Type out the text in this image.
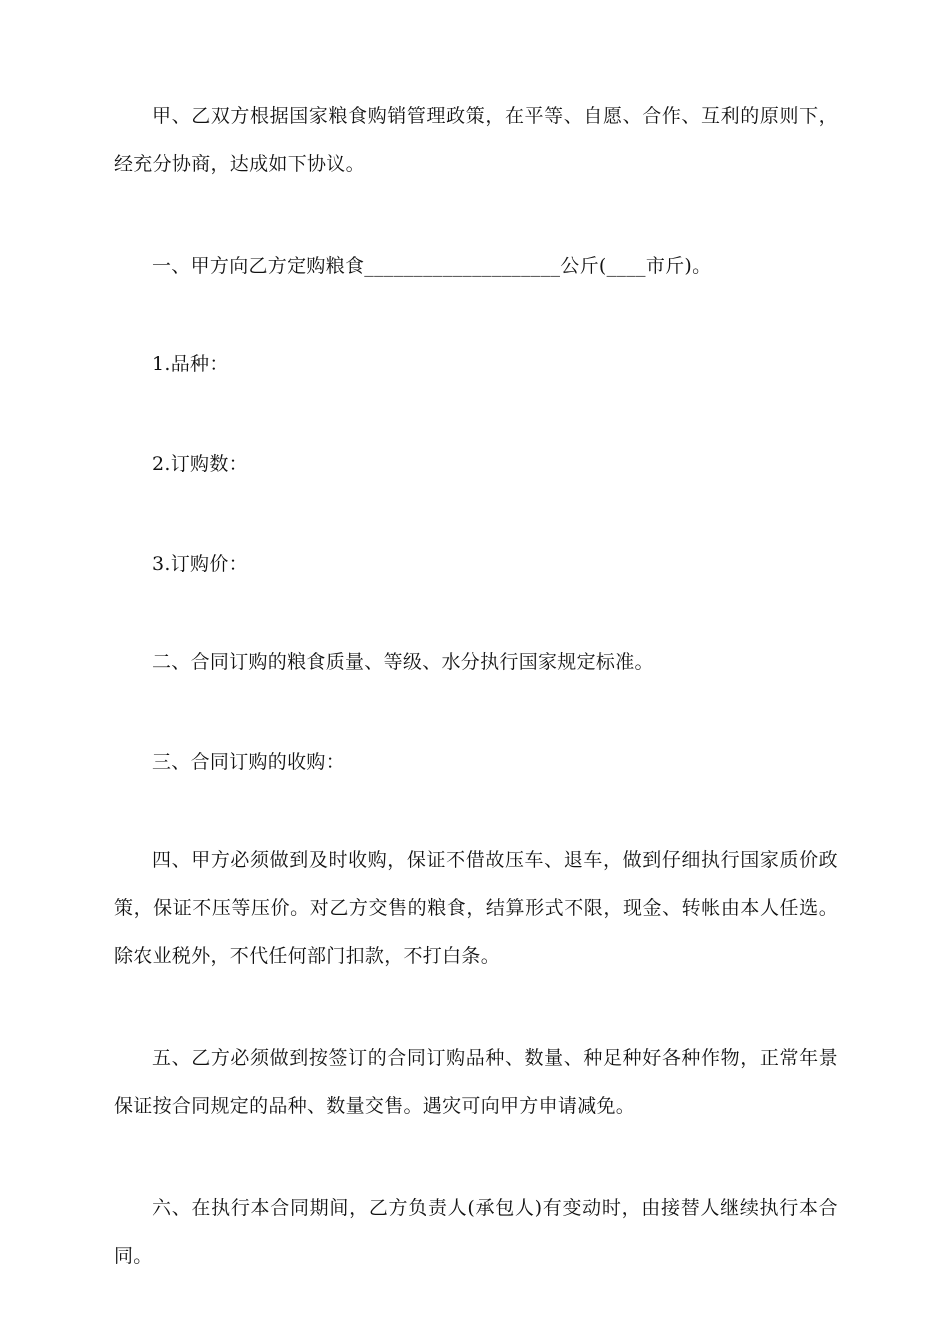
甲、乙双方根据国家粮食购销管理政策，在平等、自愿、合作、互利的原则下，经充分协商，达成如下协议。

一、甲方向乙方定购粮食____________________公斤(____市斤)。

1.品种：

2.订购数：

3.订购价：

二、合同订购的粮食质量、等级、水分执行国家规定标准。

三、合同订购的收购：

四、甲方必须做到及时收购，保证不借故压车、退车，做到仔细执行国家质价政策，保证不压等压价。对乙方交售的粮食，结算形式不限，现金、转帐由本人任选。除农业税外，不代任何部门扣款，不打白条。

五、乙方必须做到按签订的合同订购品种、数量、种足种好各种作物，正常年景保证按合同规定的品种、数量交售。遇灾可向甲方申请减免。

六、在执行本合同期间，乙方负责人(承包人)有变动时，由接替人继续执行本合同。
